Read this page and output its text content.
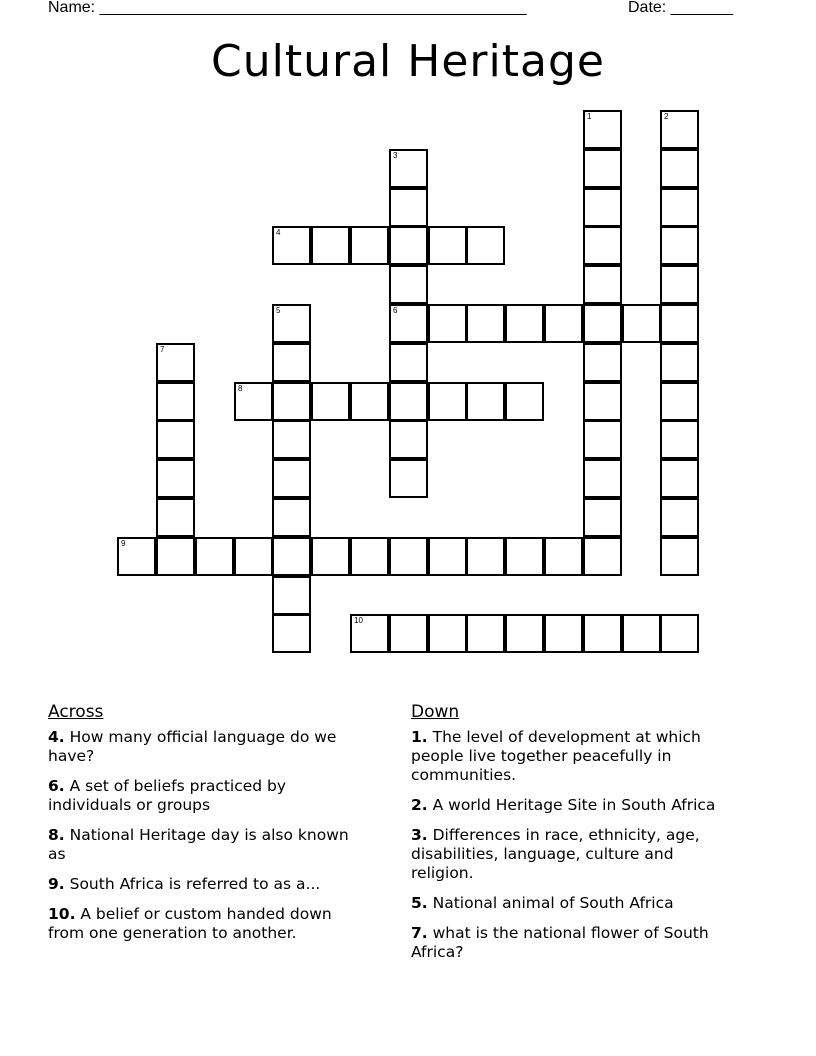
Name: ________________________________________________	Date: _______
Cultural Heritage
1	2
3
4
5	6
7
8
9
10
Across
4. How many official language do we have?
6. A set of beliefs practiced by individuals or groups
8. National Heritage day is also known as
9. South Africa is referred to as a...
10. A belief or custom handed down from one generation to another.
Down
1. The level of development at which people live together peacefully in communities.
2. A world Heritage Site in South Africa
3. Differences in race, ethnicity, age, disabilities, language, culture and religion.
5. National animal of South Africa
7. what is the national flower of South Africa?
